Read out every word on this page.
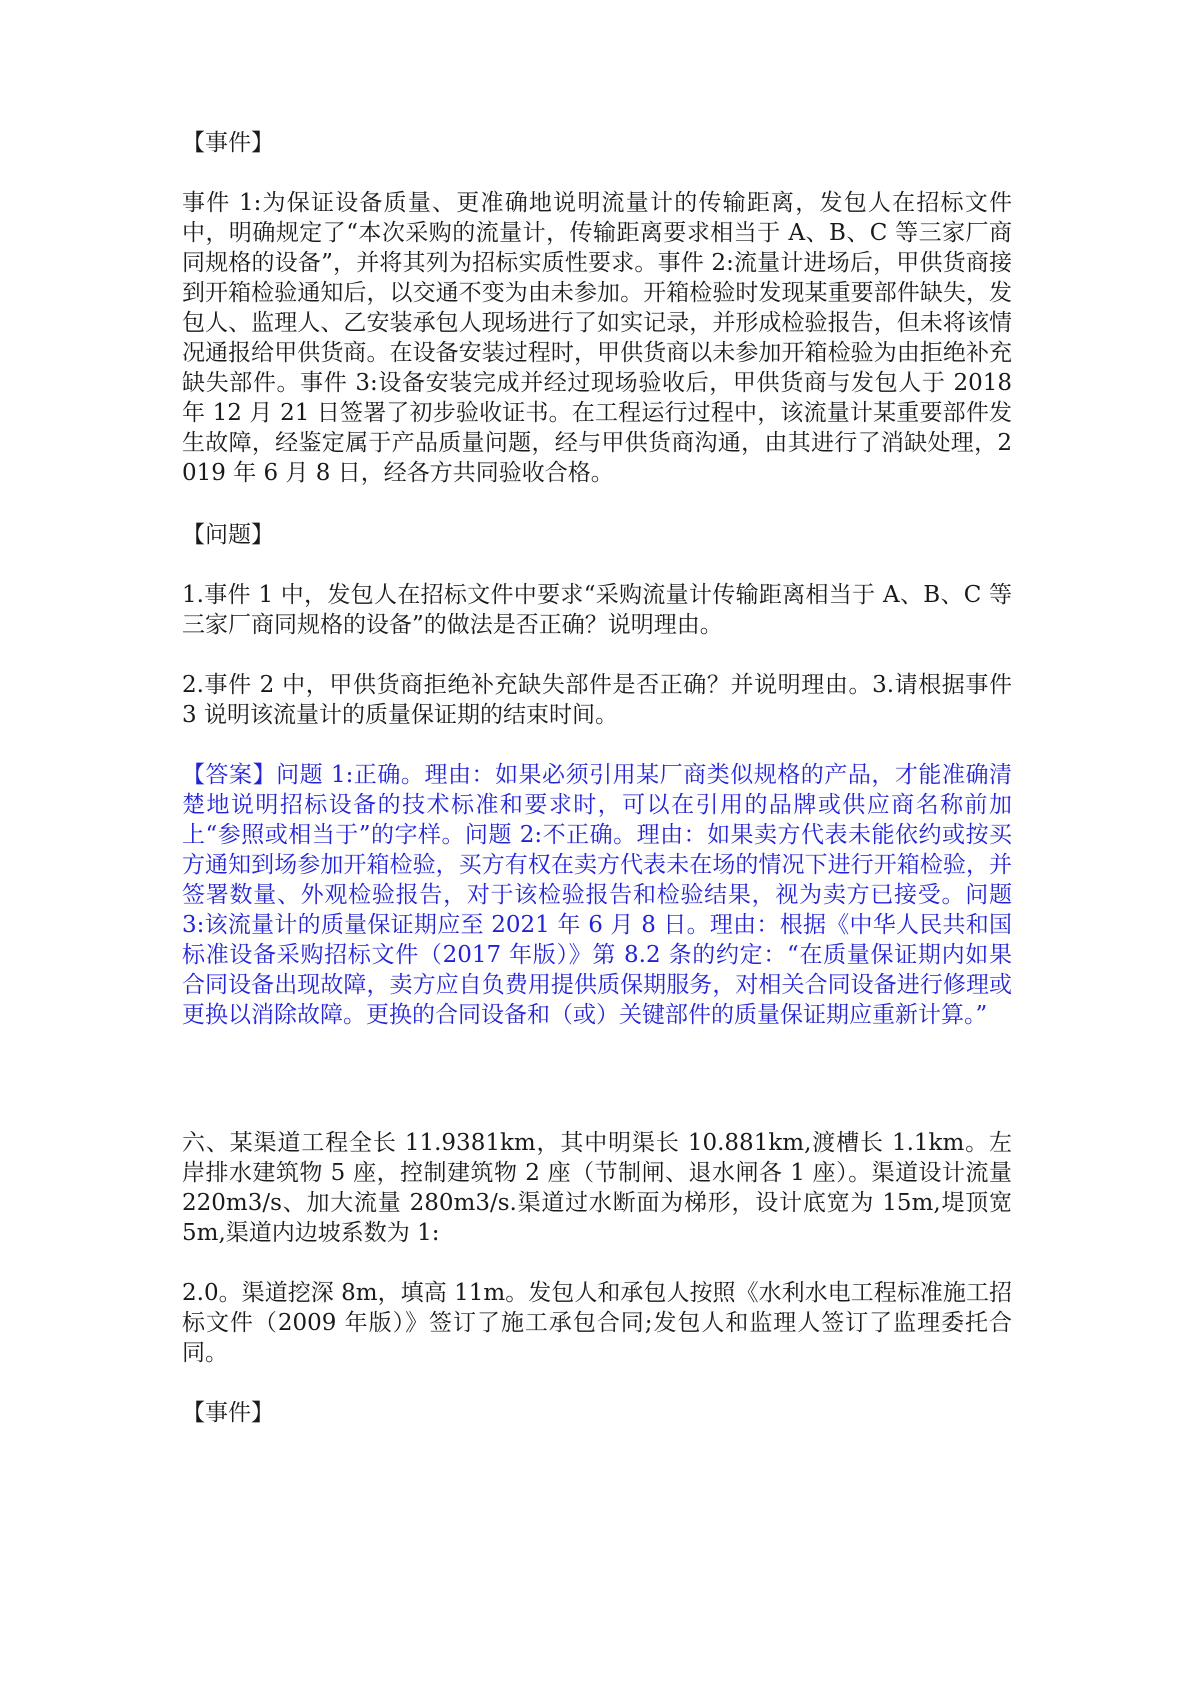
【事件】

事件 1:为保证设备质量、更准确地说明流量计的传输距离，发包人在招标文件中，明确规定了“本次采购的流量计，传输距离要求相当于 A、B、C 等三家厂商同规格的设备”，并将其列为招标实质性要求。事件 2:流量计进场后，甲供货商接到开箱检验通知后，以交通不变为由未参加。开箱检验时发现某重要部件缺失，发包人、监理人、乙安装承包人现场进行了如实记录，并形成检验报告，但未将该情况通报给甲供货商。在设备安装过程时，甲供货商以未参加开箱检验为由拒绝补充缺失部件。事件 3:设备安装完成并经过现场验收后，甲供货商与发包人于 2018 年 12 月 21 日签署了初步验收证书。在工程运行过程中，该流量计某重要部件发生故障，经鉴定属于产品质量问题，经与甲供货商沟通，由其进行了消缺处理，2019 年 6 月 8 日，经各方共同验收合格。

【问题】

1.事件 1 中，发包人在招标文件中要求“采购流量计传输距离相当于 A、B、C 等三家厂商同规格的设备”的做法是否正确？说明理由。

2.事件 2 中，甲供货商拒绝补充缺失部件是否正确？并说明理由。3.请根据事件 3 说明该流量计的质量保证期的结束时间。

【答案】问题 1:正确。理由：如果必须引用某厂商类似规格的产品，才能准确清楚地说明招标设备的技术标准和要求时，可以在引用的品牌或供应商名称前加上“参照或相当于”的字样。问题 2:不正确。理由：如果卖方代表未能依约或按买方通知到场参加开箱检验，买方有权在卖方代表未在场的情况下进行开箱检验，并签署数量、外观检验报告，对于该检验报告和检验结果，视为卖方已接受。问题 3:该流量计的质量保证期应至 2021 年 6 月 8 日。理由：根据《中华人民共和国标准设备采购招标文件（2017 年版）》第 8.2 条的约定：“在质量保证期内如果合同设备出现故障，卖方应自负费用提供质保期服务，对相关合同设备进行修理或更换以消除故障。更换的合同设备和（或）关键部件的质量保证期应重新计算。”

六、某渠道工程全长 11.9381km，其中明渠长 10.881km,渡槽长 1.1km。左岸排水建筑物 5 座，控制建筑物 2 座（节制闸、退水闸各 1 座）。渠道设计流量 220m3/s、加大流量 280m3/s.渠道过水断面为梯形，设计底宽为 15m,堤顶宽 5m,渠道内边坡系数为 1:

2.0。渠道挖深 8m，填高 11m。发包人和承包人按照《水利水电工程标准施工招标文件（2009 年版）》签订了施工承包合同;发包人和监理人签订了监理委托合同。

【事件】
